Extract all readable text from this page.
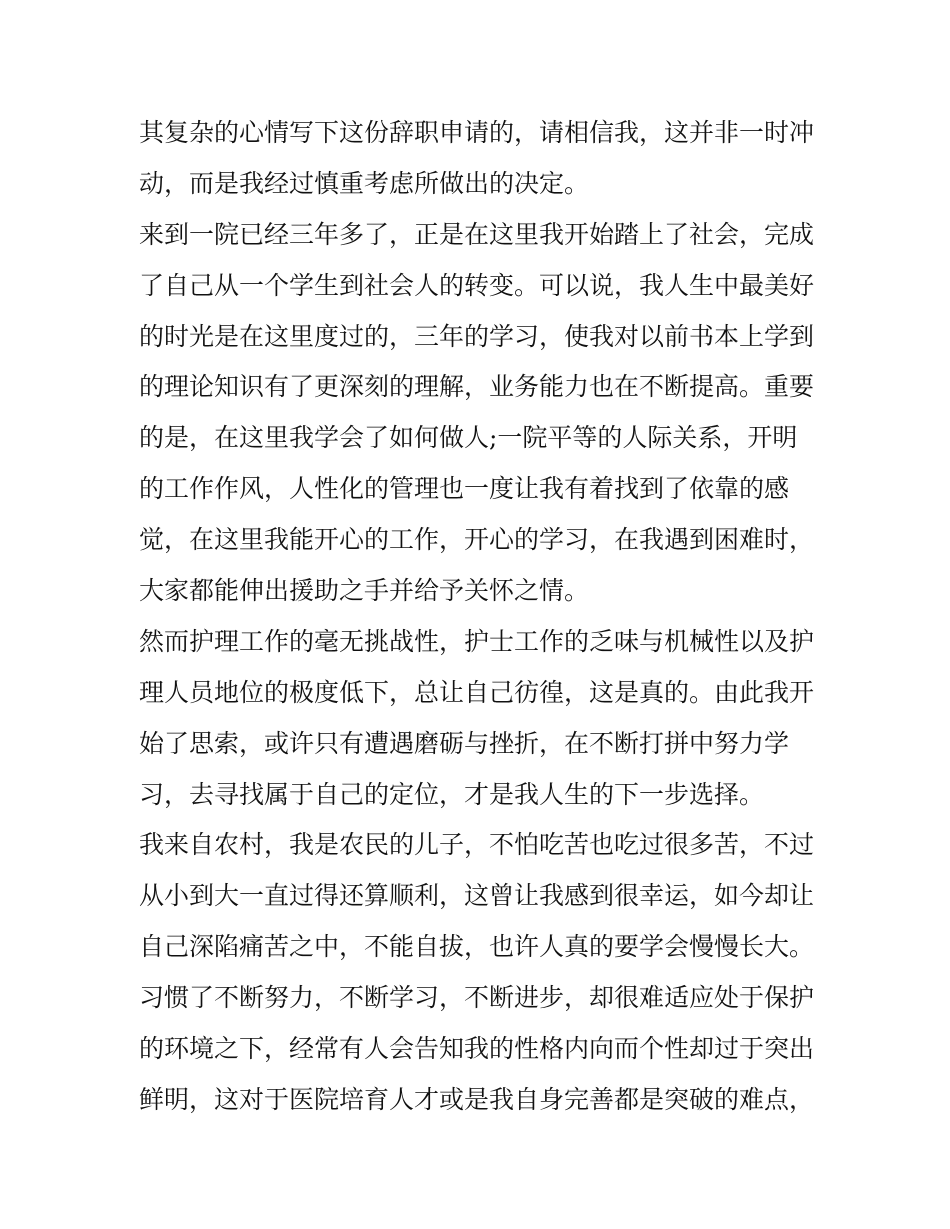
其复杂的心情写下这份辞职申请的，请相信我，这并非一时冲
动，而是我经过慎重考虑所做出的决定。
来到一院已经三年多了，正是在这里我开始踏上了社会，完成
了自己从一个学生到社会人的转变。可以说，我人生中最美好
的时光是在这里度过的，三年的学习，使我对以前书本上学到
的理论知识有了更深刻的理解，业务能力也在不断提高。重要
的是，在这里我学会了如何做人;一院平等的人际关系，开明
的工作作风，人性化的管理也一度让我有着找到了依靠的感
觉，在这里我能开心的工作，开心的学习，在我遇到困难时，
大家都能伸出援助之手并给予关怀之情。
然而护理工作的毫无挑战性，护士工作的乏味与机械性以及护
理人员地位的极度低下，总让自己彷徨，这是真的。由此我开
始了思索，或许只有遭遇磨砺与挫折，在不断打拼中努力学
习，去寻找属于自己的定位，才是我人生的下一步选择。
我来自农村，我是农民的儿子，不怕吃苦也吃过很多苦，不过
从小到大一直过得还算顺利，这曾让我感到很幸运，如今却让
自己深陷痛苦之中，不能自拔，也许人真的要学会慢慢长大。
习惯了不断努力，不断学习，不断进步，却很难适应处于保护
的环境之下，经常有人会告知我的性格内向而个性却过于突出
鲜明，这对于医院培育人才或是我自身完善都是突破的难点，
